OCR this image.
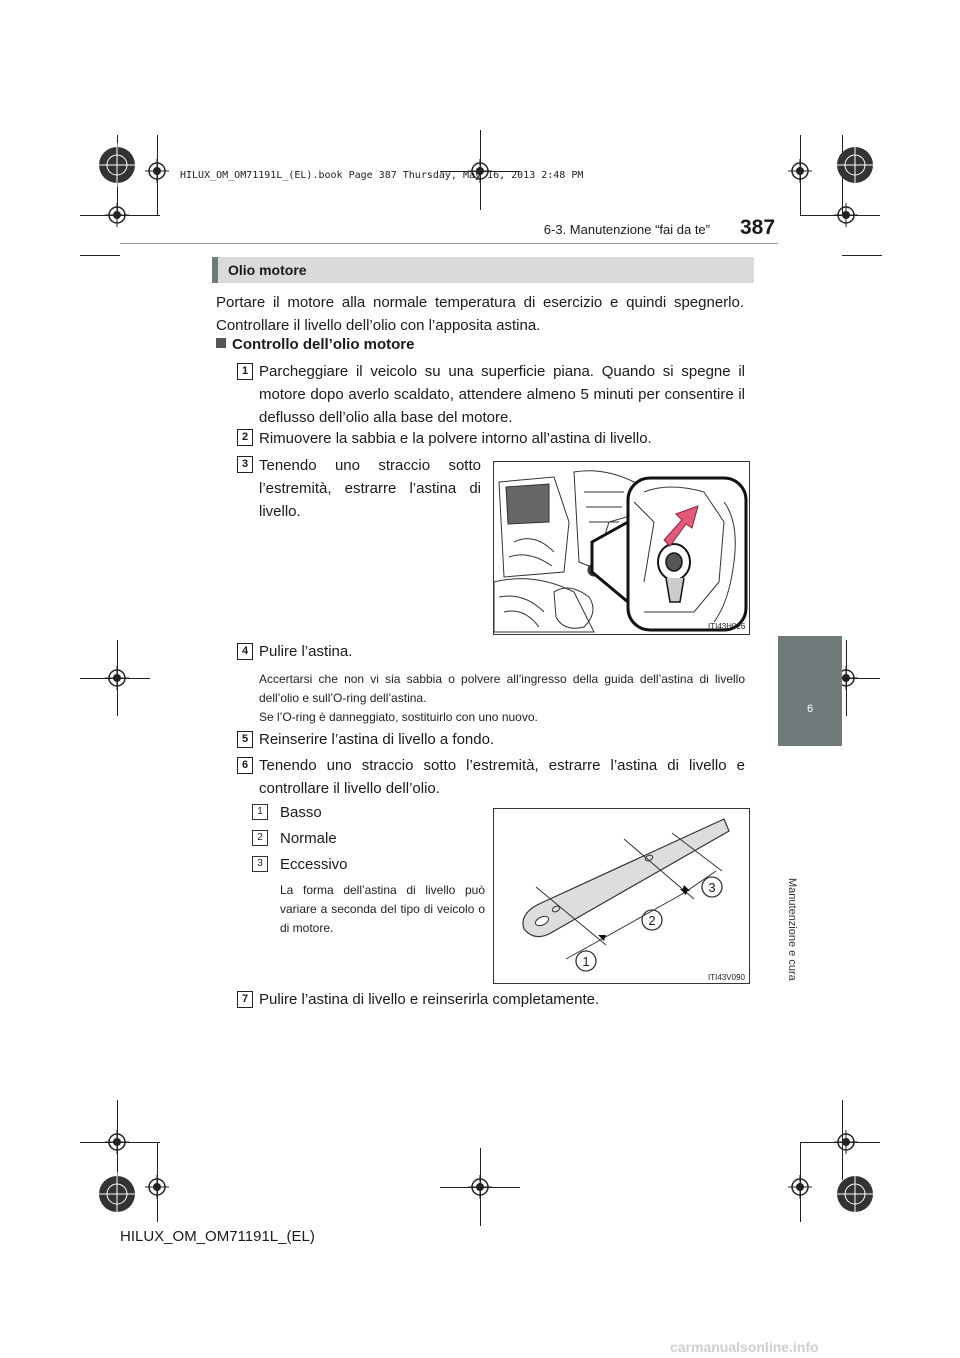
HILUX_OM_OM71191L_(EL).book Page 387 Thursday, May 16, 2013 2:48 PM
6-3. Manutenzione “fai da te” 387
6
Manutenzione e cura
Olio motore
Portare il motore alla normale temperatura di esercizio e quindi spegnerlo. Controllare il livello dell’olio con l’apposita astina.
Controllo dell’olio motore
1 Parcheggiare il veicolo su una superficie piana. Quando si spegne il motore dopo averlo scaldato, attendere almeno 5 minuti per consentire il deflusso dell’olio alla base del motore.
2 Rimuovere la sabbia e la polvere intorno all’astina di livello.
3 Tenendo uno straccio sotto l’estremità, estrarre l’astina di livello.
ITI43H026
4 Pulire l’astina.
Accertarsi che non vi sia sabbia o polvere all’ingresso della guida dell’astina di livello dell’olio e sull’O-ring dell’astina.
Se l’O-ring è danneggiato, sostituirlo con uno nuovo.
5 Reinserire l’astina di livello a fondo.
6 Tenendo uno straccio sotto l’estremità, estrarre l’astina di livello e controllare il livello dell’olio.
1	Basso
2	Normale
3	Eccessivo
La forma dell’astina di livello può variare a seconda del tipo di veicolo o di motore.
1
2
3
ITI43V090
7 Pulire l’astina di livello e reinserirla completamente.
HILUX_OM_OM71191L_(EL)
carmanualsonline.info
